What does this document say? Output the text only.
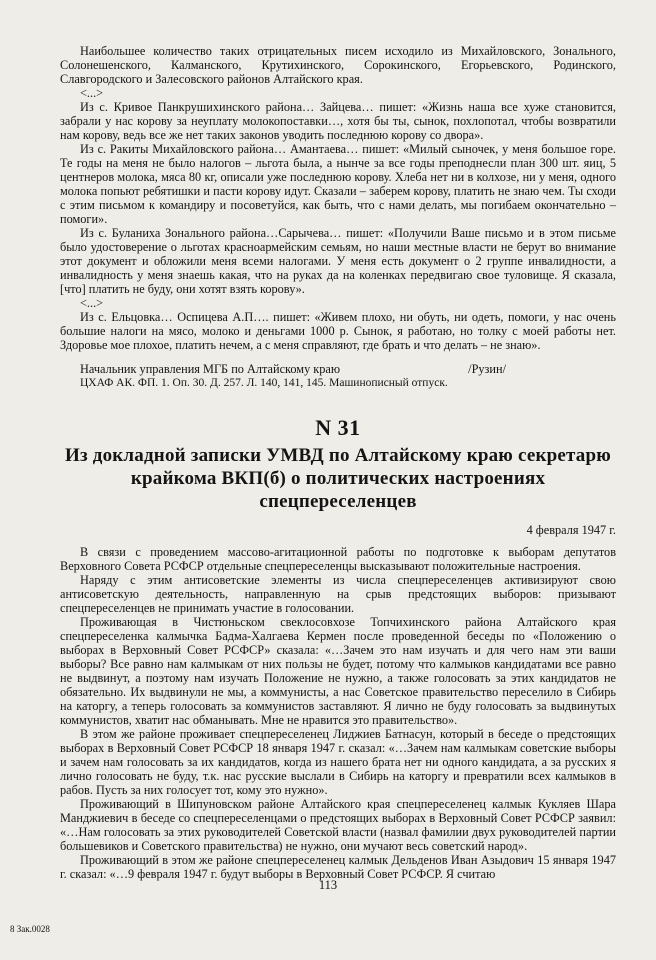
Наибольшее количество таких отрицательных писем исходило из Михайловского, Зонального, Солонешенского, Калманского, Крутихинского, Сорокинского, Егорьевского, Родинского, Славгородского и Залесовского районов Алтайского края.

<...>

Из с. Кривое Панкрушихинского района… Зайцева… пишет: «Жизнь наша все хуже становится, забрали у нас корову за неуплату молокопоставки…, хотя бы ты, сынок, похлопотал, чтобы возвратили нам корову, ведь все же нет таких законов уводить последнюю корову со двора».

Из с. Ракиты Михайловского района… Амантаева… пишет: «Милый сыночек, у меня большое горе. Те годы на меня не было налогов – льгота была, а нынче за все годы преподнесли план 300 шт. яиц, 5 центнеров молока, мяса 80 кг, описали уже последнюю корову. Хлеба нет ни в колхозе, ни у меня, одного молока попьют ребятишки и пасти корову идут. Сказали – заберем корову, платить не знаю чем. Ты сходи с этим письмом к командиру и посоветуйся, как быть, что с нами делать, мы погибаем окончательно – помоги».

Из с. Буланиха Зонального района…Сарычева… пишет: «Получили Ваше письмо и в этом письме было удостоверение о льготах красноармейским семьям, но наши местные власти не берут во внимание этот документ и обложили меня всеми налогами. У меня есть документ о 2 группе инвалидности, а инвалидность у меня знаешь какая, что на руках да на коленках передвигаю свое туловище. Я сказала, [что] платить не буду, они хотят взять корову».

<...>

Из с. Ельцовка… Оспицева А.П…. пишет: «Живем плохо, ни обуть, ни одеть, помоги, у нас очень большие налоги на мясо, молоко и деньгами 1000 р. Сынок, я работаю, но толку с моей работы нет. Здоровье мое плохое, платить нечем, а с меня справляют, где брать и что делать – не знаю».

Начальник управления МГБ по Алтайскому краю	/Рузин/

ЦХАФ АК. ФП. 1. Оп. 30. Д. 257. Л. 140, 141, 145. Машинописный отпуск.

N 31
Из докладной записки УМВД по Алтайскому краю секретарю крайкома ВКП(б) о политических настроениях спецпереселенцев
4 февраля 1947 г.

В связи с проведением массово-агитационной работы по подготовке к выборам депутатов Верховного Совета РСФСР отдельные спецпереселенцы высказывают положительные настроения.

Наряду с этим антисоветские элементы из числа спецпереселенцев активизируют свою антисоветскую деятельность, направленную на срыв предстоящих выборов: призывают спецпереселенцев не принимать участие в голосовании.

Проживающая в Чистюньском свеклосовхозе Топчихинского района Алтайского края спецпереселенка калмычка Бадма-Халгаева Кермен после проведенной беседы по «Положению о выборах в Верховный Совет РСФСР» сказала: «…Зачем это нам изучать и для чего нам эти ваши выборы? Все равно нам калмыкам от них пользы не будет, потому что калмыков кандидатами все равно не выдвинут, а поэтому нам изучать Положение не нужно, а также голосовать за этих кандидатов не обязательно. Их выдвинули не мы, а коммунисты, а нас Советское правительство переселило в Сибирь на каторгу, а теперь голосовать за коммунистов заставляют. Я лично не буду голосовать за выдвинутых коммунистов, хватит нас обманывать. Мне не нравится это правительство».

В этом же районе проживает спецпереселенец Лиджиев Батнасун, который в беседе о предстоящих выборах в Верховный Совет РСФСР 18 января 1947 г. сказал: «…Зачем нам калмыкам советские выборы и зачем нам голосовать за их кандидатов, когда из нашего брата нет ни одного кандидата, а за русских я лично голосовать не буду, т.к. нас русские выслали в Сибирь на каторгу и превратили всех калмыков в рабов. Пусть за них голосует тот, кому это нужно».

Проживающий в Шипуновском районе Алтайского края спецпереселенец калмык Кукляев Шара Манджиевич в беседе со спецпереселенцами о предстоящих выборах в Верховный Совет РСФСР заявил: «…Нам голосовать за этих руководителей Советской власти (назвал фамилии двух руководителей партии большевиков и Советского правительства) не нужно, они мучают весь советский народ».

Проживающий в этом же районе спецпереселенец калмык Дельденов Иван Азыдович 15 января 1947 г. сказал: «…9 февраля 1947 г. будут выборы в Верховный Совет РСФСР. Я считаю

113
8 Зак.0028
